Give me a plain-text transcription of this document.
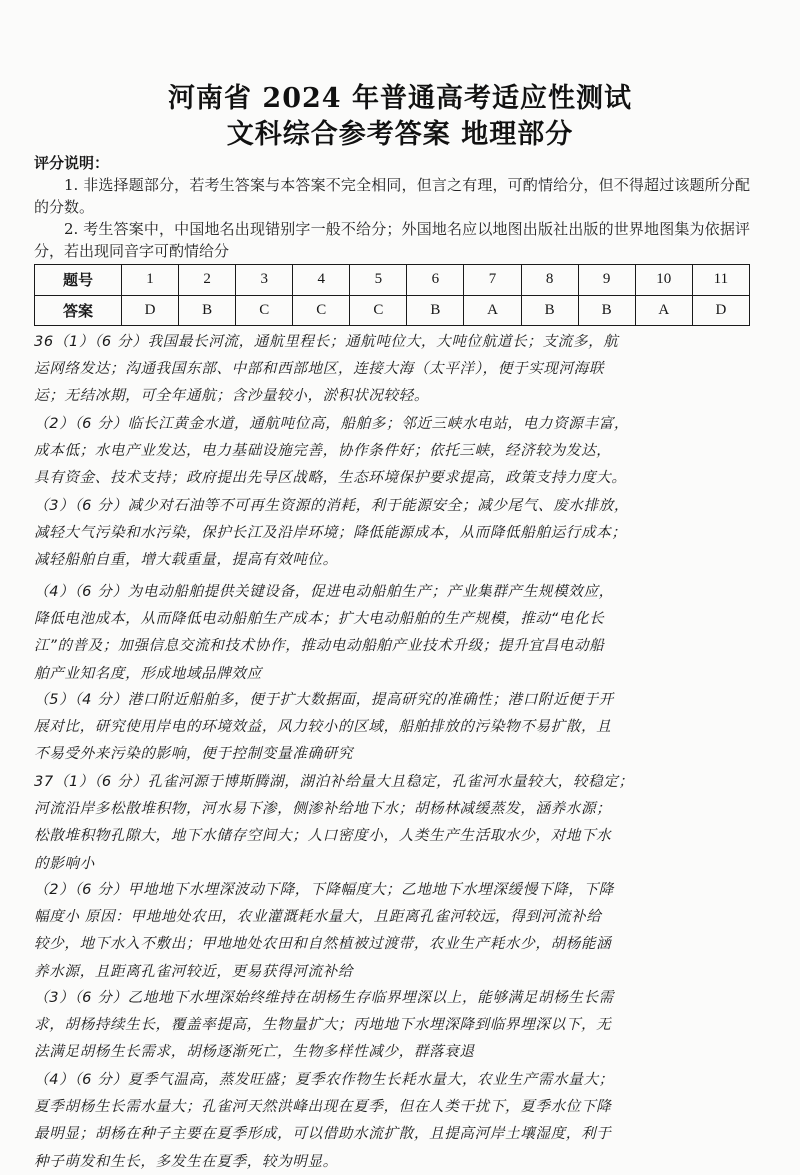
河南省 2024 年普通高考适应性测试
文科综合参考答案 地理部分
评分说明：
1. 非选择题部分，若考生答案与本答案不完全相同，但言之有理，可酌情给分，但不得超过该题所分配的分数。
2. 考生答案中，中国地名出现错别字一般不给分；外国地名应以地图出版社出版的世界地图集为依据评分，若出现同音字可酌情给分
题号	1	2	3	4	5	6	7	8	9	10	11
答案	D	B	C	C	C	B	A	B	B	A	D
36（1）（6 分）我国最长河流，通航里程长；通航吨位大，大吨位航道长；支流多，航
运网络发达；沟通我国东部、中部和西部地区，连接大海（太平洋），便于实现河海联
运；无结冰期，可全年通航；含沙量较小，淤积状况较轻。
（2）（6 分）临长江黄金水道，通航吨位高，船舶多；邻近三峡水电站，电力资源丰富，
成本低；水电产业发达，电力基础设施完善，协作条件好；依托三峡，经济较为发达，
具有资金、技术支持；政府提出先导区战略，生态环境保护要求提高，政策支持力度大。
（3）（6 分）减少对石油等不可再生资源的消耗，利于能源安全；减少尾气、废水排放，
减轻大气污染和水污染，保护长江及沿岸环境；降低能源成本，从而降低船舶运行成本；
减轻船舶自重，增大载重量，提高有效吨位。
（4）（6 分）为电动船舶提供关键设备，促进电动船舶生产；产业集群产生规模效应，
降低电池成本，从而降低电动船舶生产成本；扩大电动船舶的生产规模，推动“电化长
江”的普及；加强信息交流和技术协作，推动电动船舶产业技术升级；提升宜昌电动船
舶产业知名度，形成地域品牌效应
（5）（4 分）港口附近船舶多，便于扩大数据面，提高研究的准确性；港口附近便于开
展对比，研究使用岸电的环境效益，风力较小的区域，船舶排放的污染物不易扩散，且
不易受外来污染的影响，便于控制变量准确研究
37（1）（6 分）孔雀河源于博斯腾湖，湖泊补给量大且稳定，孔雀河水量较大，较稳定；
河流沿岸多松散堆积物，河水易下渗，侧渗补给地下水；胡杨林减缓蒸发，涵养水源；
松散堆积物孔隙大，地下水储存空间大；人口密度小，人类生产生活取水少，对地下水
的影响小
（2）（6 分）甲地地下水埋深波动下降，下降幅度大；乙地地下水埋深缓慢下降，下降
幅度小 原因：甲地地处农田，农业灌溉耗水量大，且距离孔雀河较远，得到河流补给
较少，地下水入不敷出；甲地地处农田和自然植被过渡带，农业生产耗水少，胡杨能涵
养水源，且距离孔雀河较近，更易获得河流补给
（3）（6 分）乙地地下水埋深始终维持在胡杨生存临界埋深以上，能够满足胡杨生长需
求，胡杨持续生长，覆盖率提高，生物量扩大；丙地地下水埋深降到临界埋深以下，无
法满足胡杨生长需求，胡杨逐渐死亡，生物多样性减少，群落衰退
（4）（6 分）夏季气温高，蒸发旺盛；夏季农作物生长耗水量大，农业生产需水量大；
夏季胡杨生长需水量大；孔雀河天然洪峰出现在夏季，但在人类干扰下，夏季水位下降
最明显；胡杨在种子主要在夏季形成，可以借助水流扩散，且提高河岸土壤湿度，利于
种子萌发和生长，多发生在夏季，较为明显。
